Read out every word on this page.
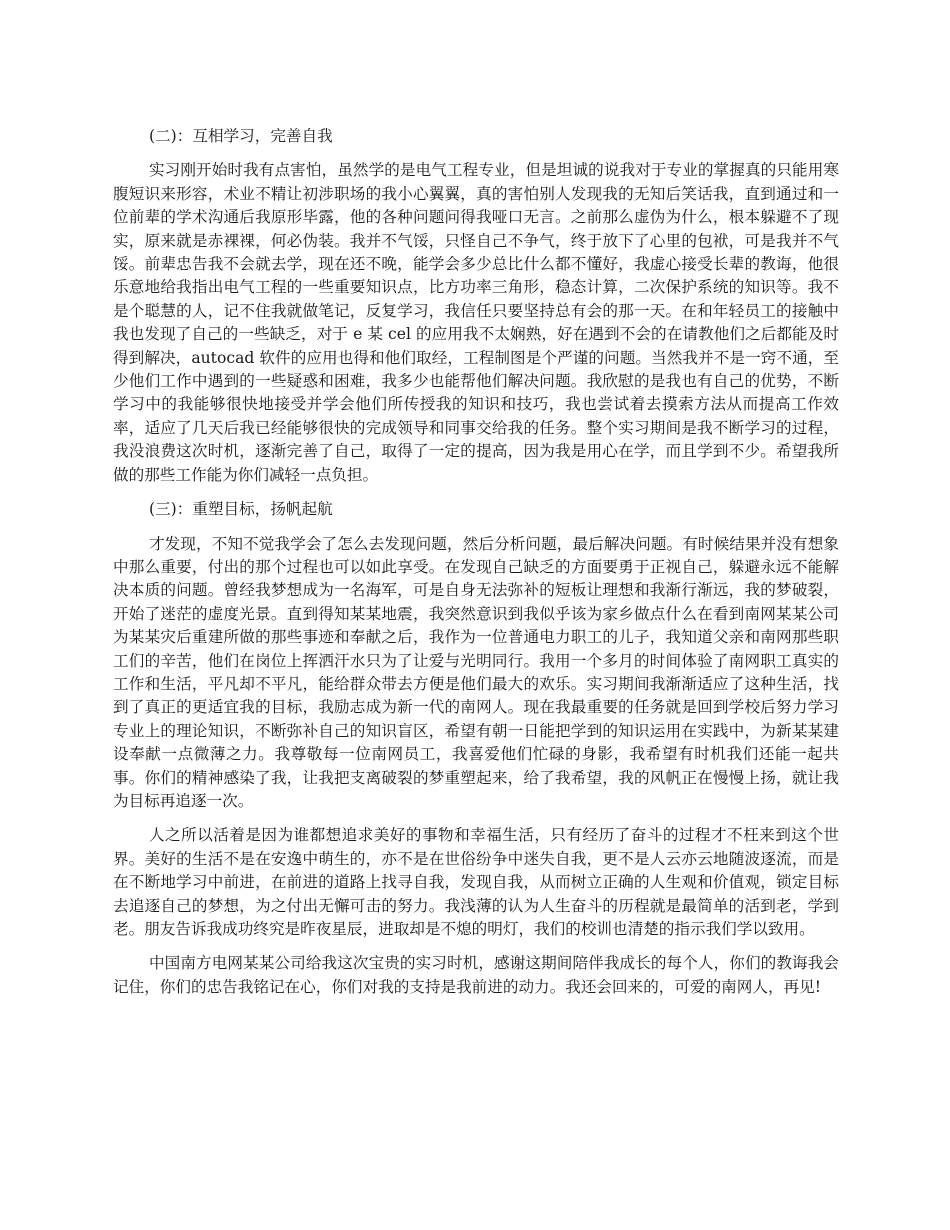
(二)：互相学习，完善自我

实习刚开始时我有点害怕，虽然学的是电气工程专业，但是坦诚的说我对于专业的掌握真的只能用寒腹短识来形容，术业不精让初涉职场的我小心翼翼，真的害怕别人发现我的无知后笑话我，直到通过和一位前辈的学术沟通后我原形毕露，他的各种问题问得我哑口无言。之前那么虚伪为什么，根本躲避不了现实，原来就是赤裸裸，何必伪装。我并不气馁，只怪自己不争气，终于放下了心里的包袱，可是我并不气馁。前辈忠告我不会就去学，现在还不晚，能学会多少总比什么都不懂好，我虚心接受长辈的教诲，他很乐意地给我指出电气工程的一些重要知识点，比方功率三角形，稳态计算，二次保护系统的知识等。我不是个聪慧的人，记不住我就做笔记，反复学习，我信任只要坚持总有会的那一天。在和年轻员工的接触中我也发现了自己的一些缺乏，对于 e 某 cel 的应用我不太娴熟，好在遇到不会的在请教他们之后都能及时得到解决，autocad 软件的应用也得和他们取经，工程制图是个严谨的问题。当然我并不是一窍不通，至少他们工作中遇到的一些疑惑和困难，我多少也能帮他们解决问题。我欣慰的是我也有自己的优势，不断学习中的我能够很快地接受并学会他们所传授我的知识和技巧，我也尝试着去摸索方法从而提高工作效率，适应了几天后我已经能够很快的完成领导和同事交给我的任务。整个实习期间是我不断学习的过程，我没浪费这次时机，逐渐完善了自己，取得了一定的提高，因为我是用心在学，而且学到不少。希望我所做的那些工作能为你们减轻一点负担。

(三)：重塑目标，扬帆起航

才发现，不知不觉我学会了怎么去发现问题，然后分析问题，最后解决问题。有时候结果并没有想象中那么重要，付出的那个过程也可以如此享受。在发现自己缺乏的方面要勇于正视自己，躲避永远不能解决本质的问题。曾经我梦想成为一名海军，可是自身无法弥补的短板让理想和我渐行渐远，我的梦破裂，开始了迷茫的虚度光景。直到得知某某地震，我突然意识到我似乎该为家乡做点什么在看到南网某某公司为某某灾后重建所做的那些事迹和奉献之后，我作为一位普通电力职工的儿子，我知道父亲和南网那些职工们的辛苦，他们在岗位上挥洒汗水只为了让爱与光明同行。我用一个多月的时间体验了南网职工真实的工作和生活，平凡却不平凡，能给群众带去方便是他们最大的欢乐。实习期间我渐渐适应了这种生活，找到了真正的更适宜我的目标，我励志成为新一代的南网人。现在我最重要的任务就是回到学校后努力学习专业上的理论知识，不断弥补自己的知识盲区，希望有朝一日能把学到的知识运用在实践中，为新某某建设奉献一点微薄之力。我尊敬每一位南网员工，我喜爱他们忙碌的身影，我希望有时机我们还能一起共事。你们的精神感染了我，让我把支离破裂的梦重塑起来，给了我希望，我的风帆正在慢慢上扬，就让我为目标再追逐一次。

人之所以活着是因为谁都想追求美好的事物和幸福生活，只有经历了奋斗的过程才不枉来到这个世界。美好的生活不是在安逸中萌生的，亦不是在世俗纷争中迷失自我，更不是人云亦云地随波逐流，而是在不断地学习中前进，在前进的道路上找寻自我，发现自我，从而树立正确的人生观和价值观，锁定目标去追逐自己的梦想，为之付出无懈可击的努力。我浅薄的认为人生奋斗的历程就是最简单的活到老，学到老。朋友告诉我成功终究是昨夜星辰，进取却是不熄的明灯，我们的校训也清楚的指示我们学以致用。

中国南方电网某某公司给我这次宝贵的实习时机，感谢这期间陪伴我成长的每个人，你们的教诲我会记住，你们的忠告我铭记在心，你们对我的支持是我前进的动力。我还会回来的，可爱的南网人，再见!
